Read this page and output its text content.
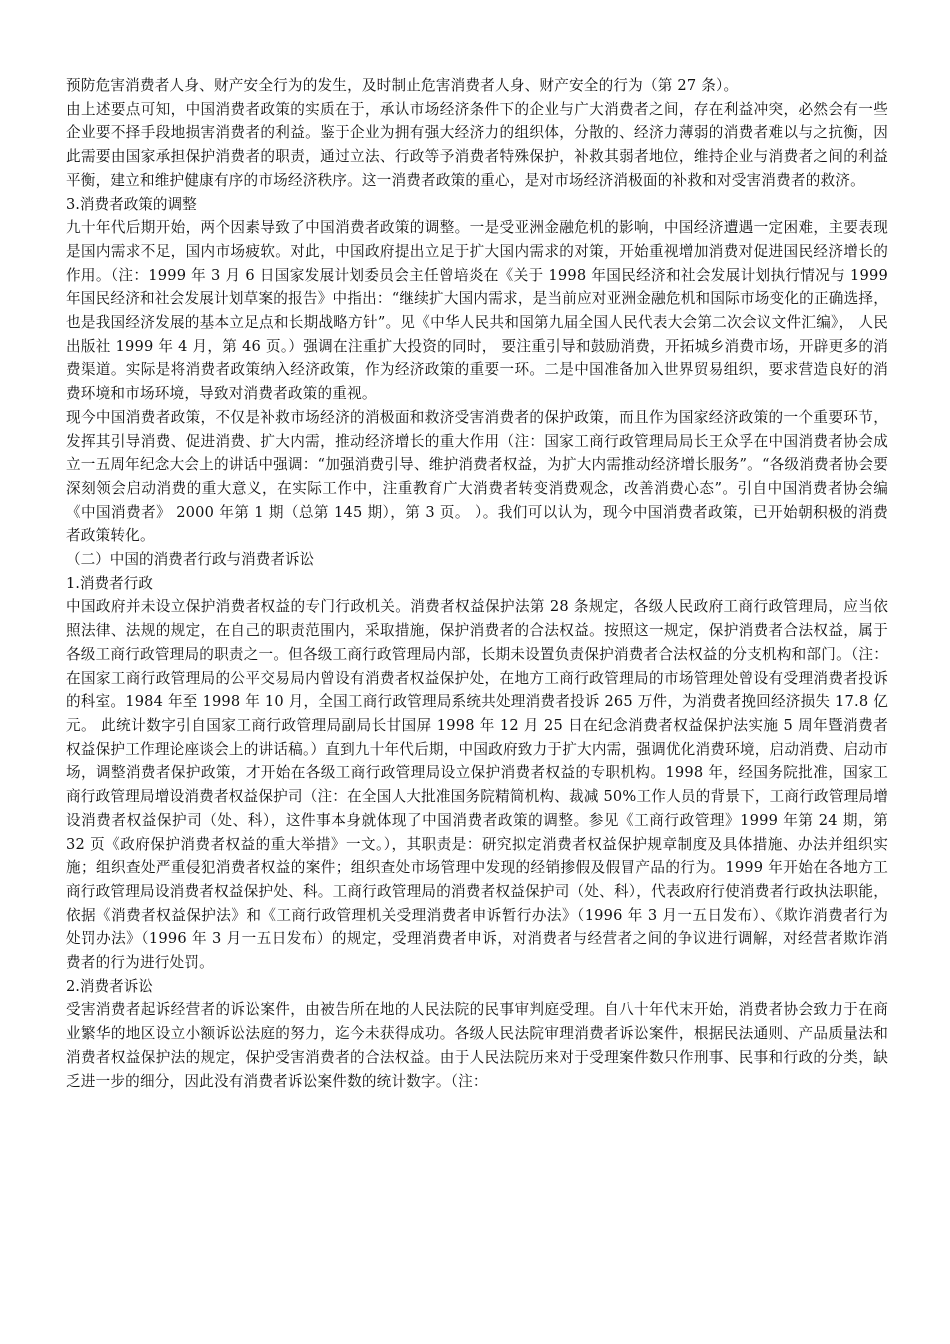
预防危害消费者人身、财产安全行为的发生，及时制止危害消费者人身、财产安全的行为（第 27 条）。

由上述要点可知，中国消费者政策的实质在于，承认市场经济条件下的企业与广大消费者之间，存在利益冲突，必然会有一些企业要不择手段地损害消费者的利益。鉴于企业为拥有强大经济力的组织体，分散的、经济力薄弱的消费者难以与之抗衡，因此需要由国家承担保护消费者的职责，通过立法、行政等予消费者特殊保护，补救其弱者地位，维持企业与消费者之间的利益平衡，建立和维护健康有序的市场经济秩序。这一消费者政策的重心，是对市场经济消极面的补救和对受害消费者的救济。

3.消费者政策的调整

九十年代后期开始，两个因素导致了中国消费者政策的调整。一是受亚洲金融危机的影响，中国经济遭遇一定困难，主要表现是国内需求不足，国内市场疲软。对此，中国政府提出立足于扩大国内需求的对策，开始重视增加消费对促进国民经济增长的作用。（注：1999 年 3 月 6 日国家发展计划委员会主任曾培炎在《关于 1998 年国民经济和社会发展计划执行情况与 1999 年国民经济和社会发展计划草案的报告》中指出：“继续扩大国内需求，是当前应对亚洲金融危机和国际市场变化的正确选择，也是我国经济发展的基本立足点和长期战略方针”。见《中华人民共和国第九届全国人民代表大会第二次会议文件汇编》， 人民出版社 1999 年 4 月，第 46 页。）强调在注重扩大投资的同时， 要注重引导和鼓励消费，开拓城乡消费市场，开辟更多的消费渠道。实际是将消费者政策纳入经济政策，作为经济政策的重要一环。二是中国准备加入世界贸易组织，要求营造良好的消费环境和市场环境，导致对消费者政策的重视。

现今中国消费者政策，不仅是补救市场经济的消极面和救济受害消费者的保护政策，而且作为国家经济政策的一个重要环节，发挥其引导消费、促进消费、扩大内需，推动经济增长的重大作用（注：国家工商行政管理局局长王众孚在中国消费者协会成立一五周年纪念大会上的讲话中强调：“加强消费引导、维护消费者权益，为扩大内需推动经济增长服务”。“各级消费者协会要深刻领会启动消费的重大意义，在实际工作中，注重教育广大消费者转变消费观念，改善消费心态”。引自中国消费者协会编《中国消费者》 2000 年第 1 期（总第 145 期），第 3 页。 ）。我们可以认为，现今中国消费者政策，已开始朝积极的消费者政策转化。

（二）中国的消费者行政与消费者诉讼

1.消费者行政

中国政府并未设立保护消费者权益的专门行政机关。消费者权益保护法第 28 条规定，各级人民政府工商行政管理局，应当依照法律、法规的规定，在自己的职责范围内，采取措施，保护消费者的合法权益。按照这一规定，保护消费者合法权益，属于各级工商行政管理局的职责之一。但各级工商行政管理局内部，长期未设置负责保护消费者合法权益的分支机构和部门。（注：在国家工商行政管理局的公平交易局内曾设有消费者权益保护处，在地方工商行政管理局的市场管理处曾设有受理消费者投诉的科室。1984 年至 1998 年 10 月，全国工商行政管理局系统共处理消费者投诉 265 万件，为消费者挽回经济损失 17.8 亿元。 此统计数字引自国家工商行政管理局副局长甘国屏 1998 年 12 月 25 日在纪念消费者权益保护法实施 5 周年暨消费者权益保护工作理论座谈会上的讲话稿。）直到九十年代后期，中国政府致力于扩大内需，强调优化消费环境，启动消费、启动市场，调整消费者保护政策，才开始在各级工商行政管理局设立保护消费者权益的专职机构。1998 年，经国务院批准，国家工商行政管理局增设消费者权益保护司（注：在全国人大批准国务院精简机构、裁减 50%工作人员的背景下，工商行政管理局增设消费者权益保护司（处、科），这件事本身就体现了中国消费者政策的调整。参见《工商行政管理》1999 年第 24 期，第 32 页《政府保护消费者权益的重大举措》一文。），其职责是：研究拟定消费者权益保护规章制度及具体措施、办法并组织实施；组织查处严重侵犯消费者权益的案件；组织查处市场管理中发现的经销掺假及假冒产品的行为。1999 年开始在各地方工商行政管理局设消费者权益保护处、科。工商行政管理局的消费者权益保护司（处、科），代表政府行使消费者行政执法职能，依据《消费者权益保护法》和《工商行政管理机关受理消费者申诉暂行办法》（1996 年 3 月一五日发布）、《欺诈消费者行为处罚办法》（1996 年 3 月一五日发布）的规定，受理消费者申诉，对消费者与经营者之间的争议进行调解，对经营者欺诈消费者的行为进行处罚。

2.消费者诉讼

受害消费者起诉经营者的诉讼案件，由被告所在地的人民法院的民事审判庭受理。自八十年代末开始，消费者协会致力于在商业繁华的地区设立小额诉讼法庭的努力，迄今未获得成功。各级人民法院审理消费者诉讼案件，根据民法通则、产品质量法和消费者权益保护法的规定，保护受害消费者的合法权益。由于人民法院历来对于受理案件数只作刑事、民事和行政的分类，缺乏进一步的细分，因此没有消费者诉讼案件数的统计数字。（注：
